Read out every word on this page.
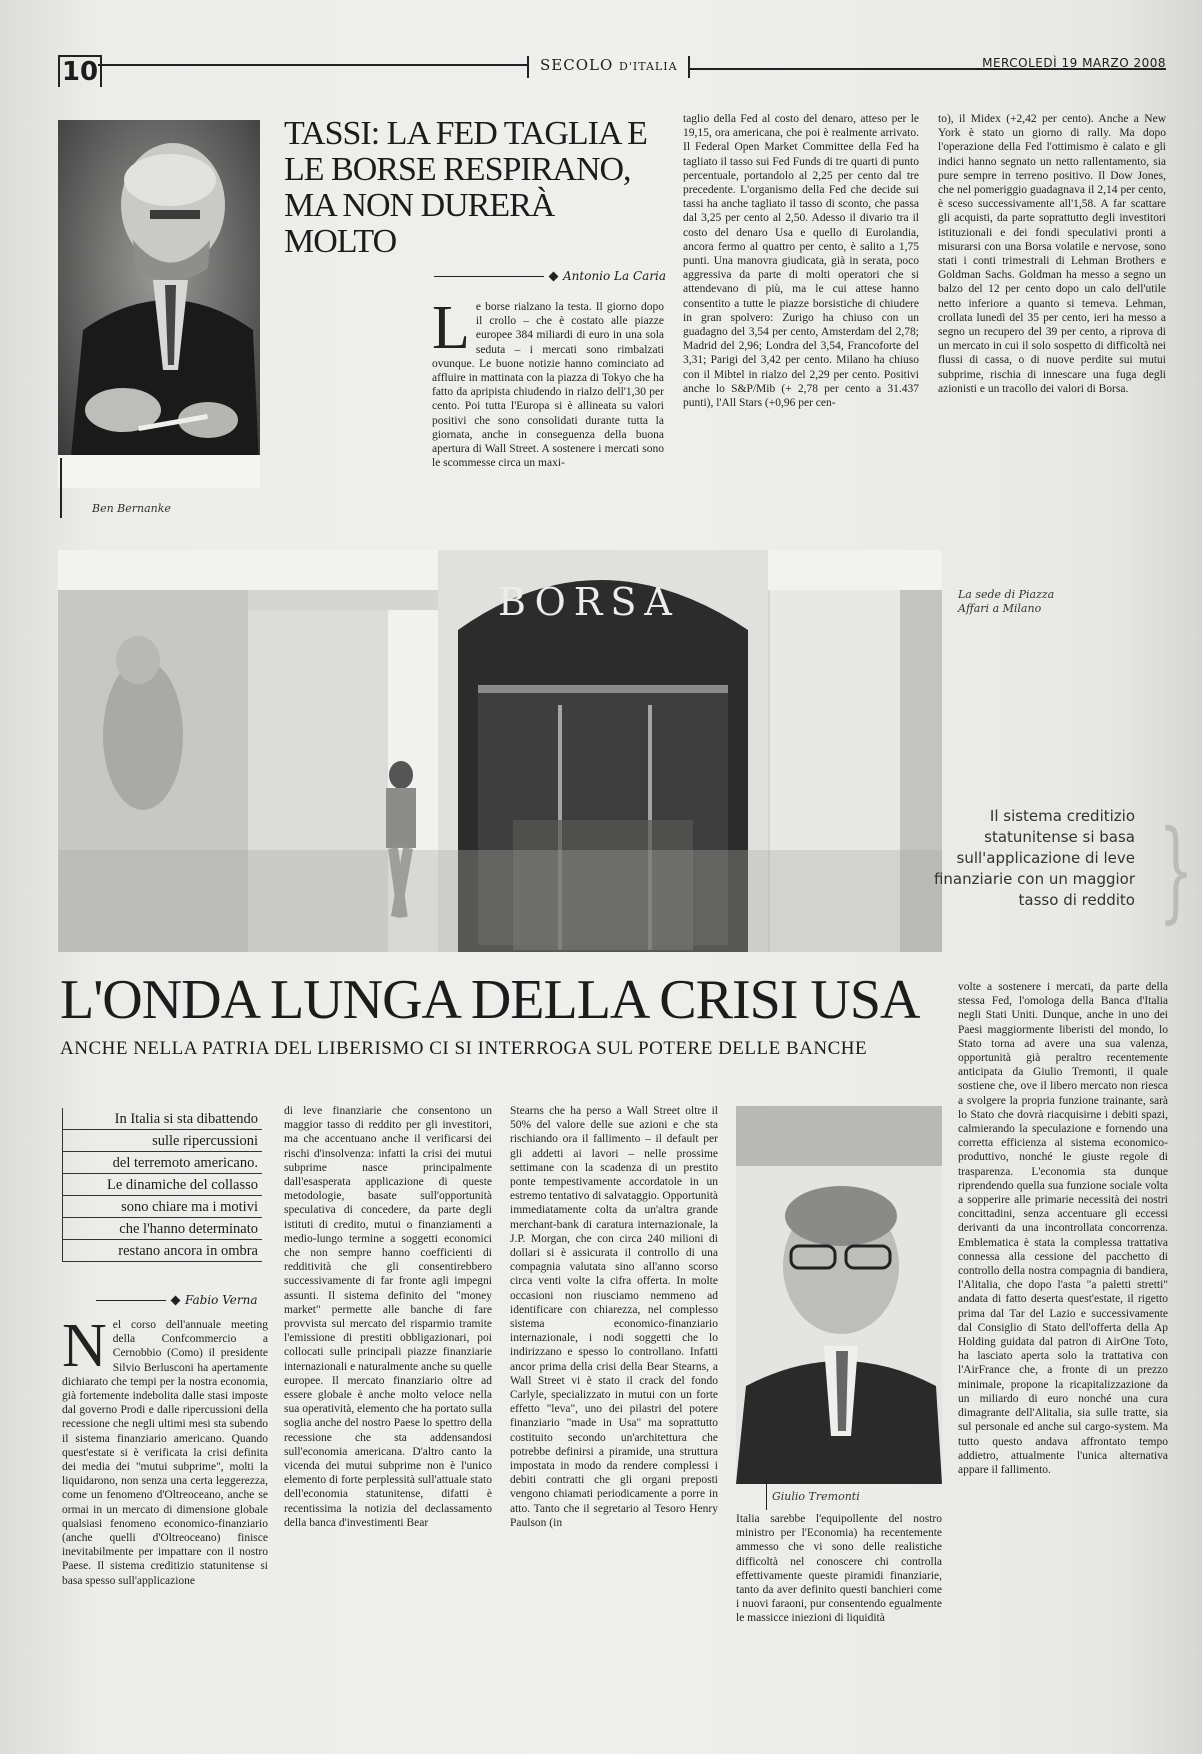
10	SECOLO D'ITALIA	MERCOLEDÌ 19 MARZO 2008
Ben Bernanke
TASSI: LA FED TAGLIA E LE BORSE RESPIRANO, MA NON DURERÀ MOLTO
Antonio La Caria
L e borse rialzano la testa. Il giorno dopo il crollo – che è costato alle piazze europee 384 miliardi di euro in una sola seduta – i mercati sono rimbalzati ovunque. Le buone notizie hanno cominciato ad affluire in mattinata con la piazza di Tokyo che ha fatto da apripista chiudendo in rialzo dell'1,30 per cento. Poi tutta l'Europa si è allineata su valori positivi che sono consolidati durante tutta la giornata, anche in conseguenza della buona apertura di Wall Street. A sostenere i mercati sono le scommesse circa un maxi-
taglio della Fed al costo del denaro, atteso per le 19,15, ora americana, che poi è realmente arrivato. Il Federal Open Market Committee della Fed ha tagliato il tasso sui Fed Funds di tre quarti di punto percentuale, portandolo al 2,25 per cento dal tre precedente. L'organismo della Fed che decide sui tassi ha anche tagliato il tasso di sconto, che passa dal 3,25 per cento al 2,50. Adesso il divario tra il costo del denaro Usa e quello di Eurolandia, ancora fermo al quattro per cento, è salito a 1,75 punti. Una manovra giudicata, già in serata, poco aggressiva da parte di molti operatori che si attendevano di più, ma le cui attese hanno consentito a tutte le piazze borsistiche di chiudere in gran spolvero: Zurigo ha chiuso con un guadagno del 3,54 per cento, Amsterdam del 2,78; Madrid del 2,96; Londra del 3,54, Francoforte del 3,31; Parigi del 3,42 per cento. Milano ha chiuso con il Mibtel in rialzo del 2,29 per cento. Positivi anche lo S&P/Mib (+ 2,78 per cento a 31.437 punti), l'All Stars (+0,96 per cen-
to), il Midex (+2,42 per cento). Anche a New York è stato un giorno di rally. Ma dopo l'operazione della Fed l'ottimismo è calato e gli indici hanno segnato un netto rallentamento, sia pure sempre in terreno positivo. Il Dow Jones, che nel pomeriggio guadagnava il 2,14 per cento, è sceso successivamente all'1,58. A far scattare gli acquisti, da parte soprattutto degli investitori istituzionali e dei fondi speculativi pronti a misurarsi con una Borsa volatile e nervose, sono stati i conti trimestrali di Lehman Brothers e Goldman Sachs. Goldman ha messo a segno un balzo del 12 per cento dopo un calo dell'utile netto inferiore a quanto si temeva. Lehman, crollata lunedì del 35 per cento, ieri ha messo a segno un recupero del 39 per cento, a riprova di un mercato in cui il solo sospetto di difficoltà nei flussi di cassa, o di nuove perdite sui mutui subprime, rischia di innescare una fuga degli azionisti e un tracollo dei valori di Borsa.
BORSA	La sede di Piazza Affari a Milano
Il sistema creditizio statunitense si basa sull'applicazione di leve finanziarie con un maggior tasso di reddito }
L'ONDA LUNGA DELLA CRISI USA
ANCHE NELLA PATRIA DEL LIBERISMO CI SI INTERROGA SUL POTERE DELLE BANCHE
In Italia si sta dibattendo
sulle ripercussioni
del terremoto americano.
Le dinamiche del collasso
sono chiare ma i motivi
che l'hanno determinato
restano ancora in ombra
Fabio Verna
N el corso dell'annuale meeting della Confcommercio a Cernobbio (Como) il presidente Silvio Berlusconi ha apertamente dichiarato che tempi per la nostra economia, già fortemente indebolita dalle stasi imposte dal governo Prodi e dalle ripercussioni della recessione che negli ultimi mesi sta subendo il sistema finanziario americano. Quando quest'estate si è verificata la crisi definita dei media dei "mutui subprime", molti la liquidarono, non senza una certa leggerezza, come un fenomeno d'Oltreoceano, anche se ormai in un mercato di dimensione globale qualsiasi fenomeno economico-finanziario (anche quelli d'Oltreoceano) finisce inevitabilmente per impattare con il nostro Paese. Il sistema creditizio statunitense si basa spesso sull'applicazione
di leve finanziarie che consentono un maggior tasso di reddito per gli investitori, ma che accentuano anche il verificarsi dei rischi d'insolvenza: infatti la crisi dei mutui subprime nasce principalmente dall'esasperata applicazione di queste metodologie, basate sull'opportunità speculativa di concedere, da parte degli istituti di credito, mutui o finanziamenti a medio-lungo termine a soggetti economici che non sempre hanno coefficienti di redditività che gli consentirebbero successivamente di far fronte agli impegni assunti. Il sistema definito del "money market" permette alle banche di fare provvista sul mercato del risparmio tramite l'emissione di prestiti obbligazionari, poi collocati sulle principali piazze finanziarie internazionali e naturalmente anche su quelle europee. Il mercato finanziario oltre ad essere globale è anche molto veloce nella sua operatività, elemento che ha portato sulla soglia anche del nostro Paese lo spettro della recessione che sta addensandosi sull'economia americana. D'altro canto la vicenda dei mutui subprime non è l'unico elemento di forte perplessità sull'attuale stato dell'economia statunitense, difatti è recentissima la notizia del declassamento della banca d'investimenti Bear
Stearns che ha perso a Wall Street oltre il 50% del valore delle sue azioni e che sta rischiando ora il fallimento – il default per gli addetti ai lavori – nelle prossime settimane con la scadenza di un prestito ponte tempestivamente accordatole in un estremo tentativo di salvataggio. Opportunità immediatamente colta da un'altra grande merchant-bank di caratura internazionale, la J.P. Morgan, che con circa 240 milioni di dollari si è assicurata il controllo di una compagnia valutata sino all'anno scorso circa venti volte la cifra offerta. In molte occasioni non riusciamo nemmeno ad identificare con chiarezza, nel complesso sistema economico-finanziario internazionale, i nodi soggetti che lo indirizzano e spesso lo controllano. Infatti ancor prima della crisi della Bear Stearns, a Wall Street vi è stato il crack del fondo Carlyle, specializzato in mutui con un forte effetto "leva", uno dei pilastri del potere finanziario "made in Usa" ma soprattutto costituito secondo un'architettura che potrebbe definirsi a piramide, una struttura impostata in modo da rendere complessi i debiti contratti che gli organi preposti vengono chiamati periodicamente a porre in atto. Tanto che il segretario al Tesoro Henry Paulson (in
Giulio Tremonti
Italia sarebbe l'equipollente del nostro ministro per l'Economia) ha recentemente ammesso che vi sono delle realistiche difficoltà nel conoscere chi controlla effettivamente queste piramidi finanziarie, tanto da aver definito questi banchieri come i nuovi faraoni, pur consentendo egualmente le massicce iniezioni di liquidità
volte a sostenere i mercati, da parte della stessa Fed, l'omologa della Banca d'Italia negli Stati Uniti. Dunque, anche in uno dei Paesi maggiormente liberisti del mondo, lo Stato torna ad avere una sua valenza, opportunità già peraltro recentemente anticipata da Giulio Tremonti, il quale sostiene che, ove il libero mercato non riesca a svolgere la propria funzione trainante, sarà lo Stato che dovrà riacquisirne i debiti spazi, calmierando la speculazione e fornendo una corretta efficienza al sistema economico-produttivo, nonché le giuste regole di trasparenza. L'economia sta dunque riprendendo quella sua funzione sociale volta a sopperire alle primarie necessità dei nostri concittadini, senza accentuare gli eccessi derivanti da una incontrollata concorrenza. Emblematica è stata la complessa trattativa connessa alla cessione del pacchetto di controllo della nostra compagnia di bandiera, l'Alitalia, che dopo l'asta "a paletti stretti" andata di fatto deserta quest'estate, il rigetto prima dal Tar del Lazio e successivamente dal Consiglio di Stato dell'offerta della Ap Holding guidata dal patron di AirOne Toto, ha lasciato aperta solo la trattativa con l'AirFrance che, a fronte di un prezzo minimale, propone la ricapitalizzazione da un miliardo di euro nonché una cura dimagrante dell'Alitalia, sia sulle tratte, sia sul personale ed anche sul cargo-system. Ma tutto questo andava affrontato tempo addietro, attualmente l'unica alternativa appare il fallimento.
